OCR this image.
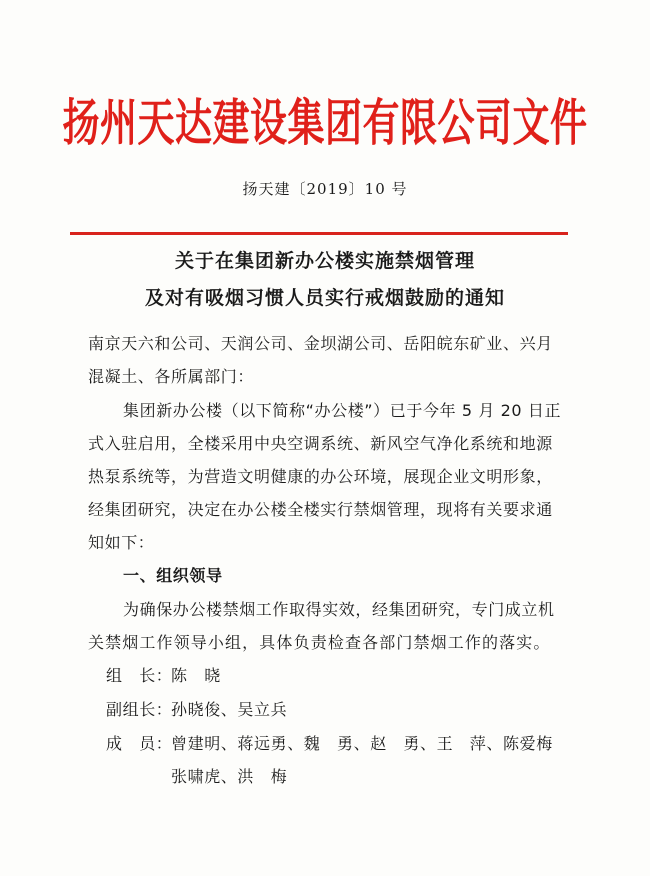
扬州天达建设集团有限公司文件
扬天建〔2019〕10 号
关于在集团新办公楼实施禁烟管理
及对有吸烟习惯人员实行戒烟鼓励的通知
南京天六和公司、天润公司、金坝湖公司、岳阳皖东矿业、兴月
混凝土、各所属部门：
集团新办公楼（以下简称“办公楼”）已于今年 5 月 20 日正
式入驻启用，全楼采用中央空调系统、新风空气净化系统和地源
热泵系统等，为营造文明健康的办公环境，展现企业文明形象，
经集团研究，决定在办公楼全楼实行禁烟管理，现将有关要求通
知如下：
一、组织领导
为确保办公楼禁烟工作取得实效，经集团研究，专门成立机
关禁烟工作领导小组，具体负责检查各部门禁烟工作的落实。
组　长：
陈　晓
副组长：
孙晓俊、吴立兵
成　员：
曾建明、蒋远勇、魏　勇、赵　勇、王　萍、陈爱梅
张啸虎、洪　梅
